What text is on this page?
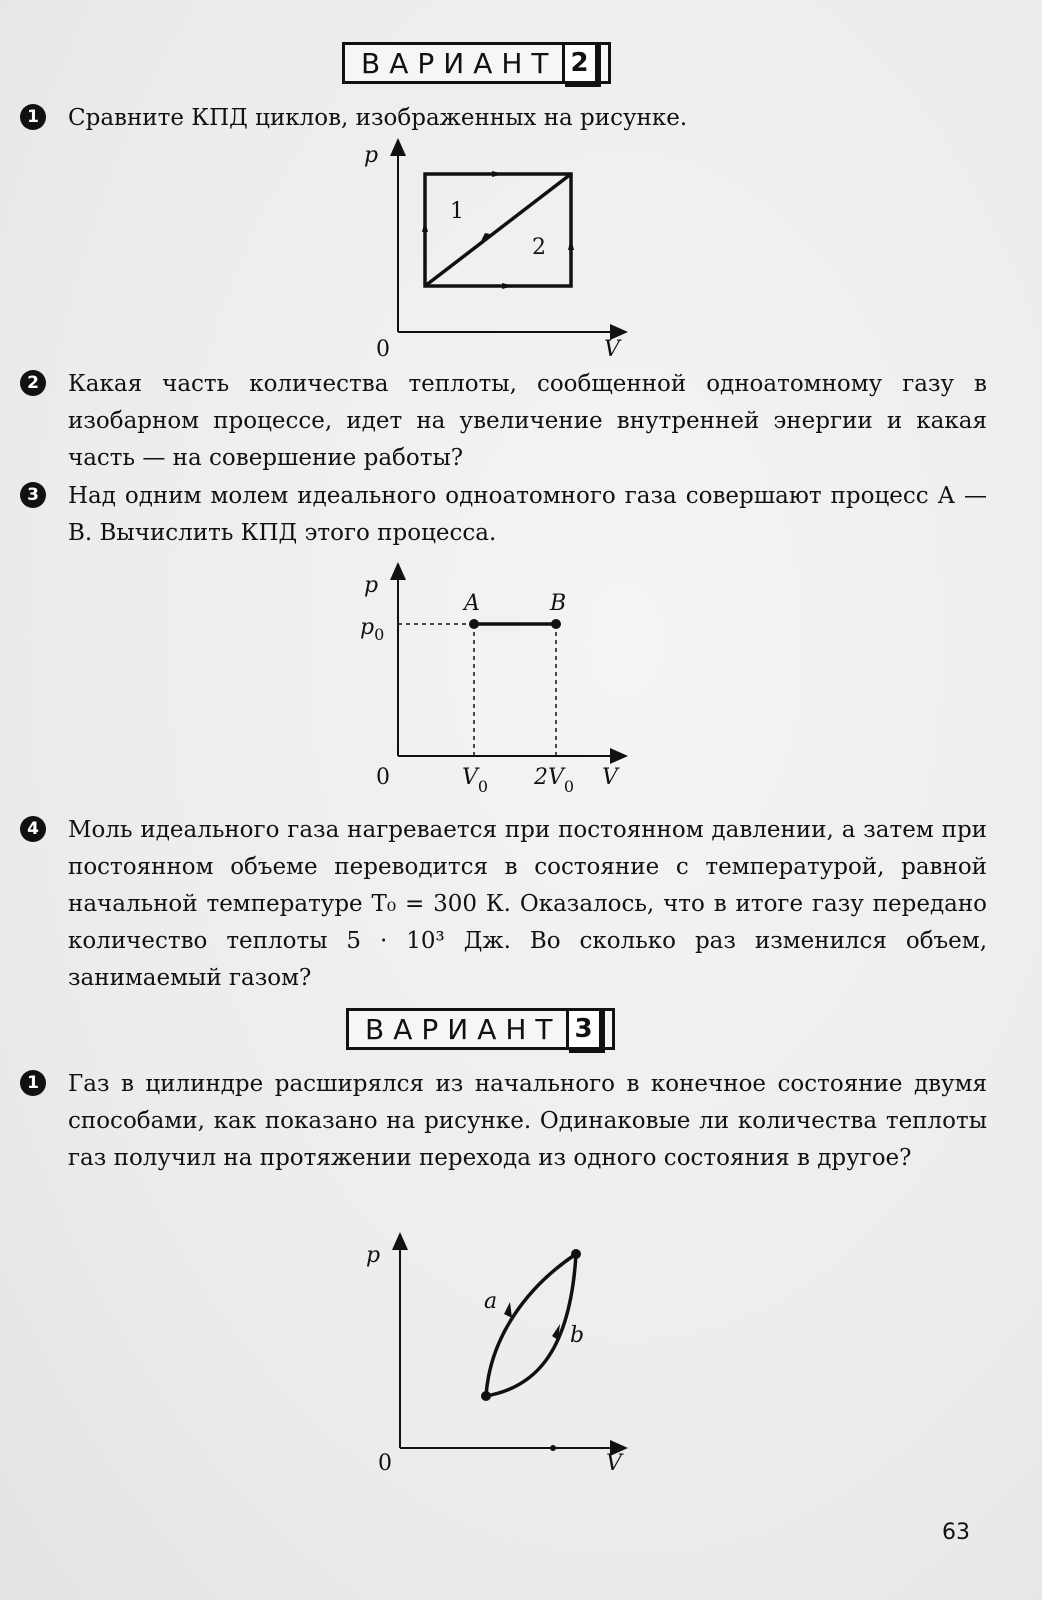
ВАРИАНТ 2
1	Сравните КПД циклов, изображенных на рисунке.
1
2
p
V
0
2	Какая часть количества теплоты, сообщенной одноатомному газу в изобарном процессе, идет на увеличение внутренней энергии и какая часть — на совершение работы?
3	Над одним молем идеального одноатомного газа совершают процесс А — В. Вычислить КПД этого процесса.
A	B
p
$p_0$
0	$V_0$ $2V_0$ V
4	Моль идеального газа нагревается при постоянном давлении, а затем при постоянном объеме переводится в состояние с температурой, равной начальной температуре T₀ = 300 К. Оказалось, что в итоге газу передано количество теплоты 5 · 10³ Дж. Во сколько раз изменился объем, занимаемый газом?
ВАРИАНТ 3
1	Газ в цилиндре расширялся из начального в конечное состояние двумя способами, как показано на рисунке. Одинаковые ли количества теплоты газ получил на протяжении перехода из одного состояния в другое?
a
b
p
0	V
63
